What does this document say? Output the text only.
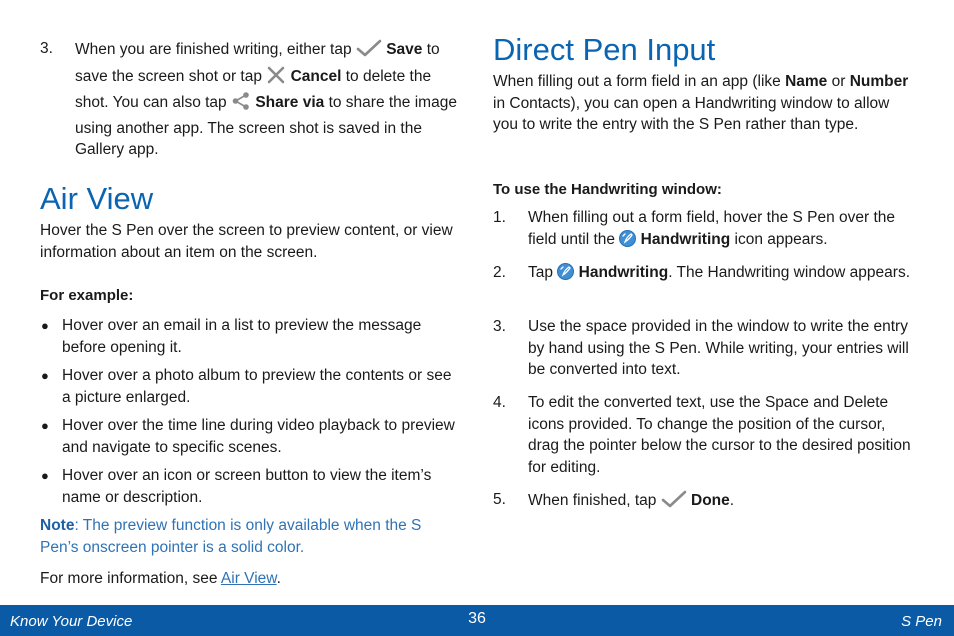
3. When you are finished writing, either tap Save to save the screen shot or tap Cancel to delete the shot. You can also tap Share via to share the image using another app. The screen shot is saved in the Gallery app.
Air View
Hover the S Pen over the screen to preview content, or view information about an item on the screen.
For example:
● Hover over an email in a list to preview the message before opening it.
● Hover over a photo album to preview the contents or see a picture enlarged.
● Hover over the time line during video playback to preview and navigate to specific scenes.
● Hover over an icon or screen button to view the item’s name or description.
Note: The preview function is only available when the S Pen’s onscreen pointer is a solid color.
For more information, see Air View.
Direct Pen Input
When filling out a form field in an app (like Name or Number in Contacts), you can open a Handwriting window to allow you to write the entry with the S Pen rather than type.
To use the Handwriting window:
1. When filling out a form field, hover the S Pen over the field until the
Handwriting icon appears.
2. Tap
Handwriting. The Handwriting window appears.
3. Use the space provided in the window to write the entry by hand using the S Pen. While writing, your entries will be converted into text.
4. To edit the converted text, use the Space and Delete icons provided. To change the position of the cursor, drag the pointer below the cursor to the desired position for editing.
5. When finished, tap  Done.
Know Your Device	36	S Pen
